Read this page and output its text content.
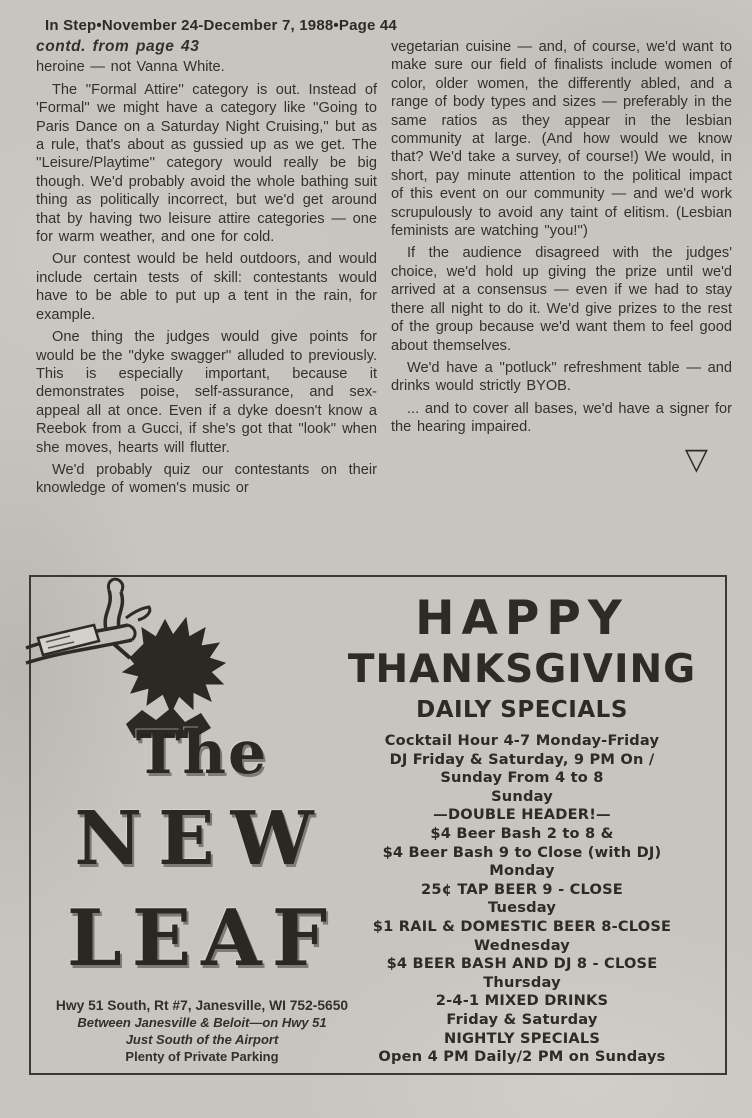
In Step•November 24-December 7, 1988•Page 44

contd. from page 43

heroine — not Vanna White.

The ''Formal Attire'' category is out. Instead of 'Formal'' we might have a category like ''Going to Paris Dance on a Saturday Night Cruising,'' but as a rule, that's about as gussied up as we get. The ''Leisure/Playtime'' category would really be big though. We'd probably avoid the whole bathing suit thing as politically incorrect, but we'd get around that by having two leisure attire categories — one for warm weather, and one for cold.

Our contest would be held outdoors, and would include certain tests of skill: contestants would have to be able to put up a tent in the rain, for example.

One thing the judges would give points for would be the ''dyke swagger'' alluded to previously. This is especially important, because it demonstrates poise, self-assurance, and sex-appeal all at once. Even if a dyke doesn't know a Reebok from a Gucci, if she's got that ''look'' when she moves, hearts will flutter.

We'd probably quiz our contestants on their knowledge of women's music or

vegetarian cuisine — and, of course, we'd want to make sure our field of finalists include women of color, older women, the differently abled, and a range of body types and sizes — preferably in the same ratios as they appear in the lesbian community at large. (And how would we know that? We'd take a survey, of course!) We would, in short, pay minute attention to the political impact of this event on our community — and we'd work scrupulously to avoid any taint of elitism. (Lesbian feminists are watching ''you!'')

If the audience disagreed with the judges' choice, we'd hold up giving the prize until we'd arrived at a consensus — even if we had to stay there all night to do it. We'd give prizes to the rest of the group because we'd want them to feel good about themselves.

We'd have a ''potluck'' refreshment table — and drinks would strictly BYOB.

... and to cover all bases, we'd have a signer for the hearing impaired.

▽
The
NEW
LEAF
Hwy 51 South, Rt #7, Janesville, WI 752-5650
Between Janesville & Beloit—on Hwy 51
Just South of the Airport
Plenty of Private Parking
HAPPY
THANKSGIVING
DAILY SPECIALS
Cocktail Hour 4-7 Monday-Friday
DJ Friday & Saturday, 9 PM On /
Sunday From 4 to 8
Sunday
—DOUBLE HEADER!—
$4 Beer Bash 2 to 8 &
$4 Beer Bash 9 to Close (with DJ)
Monday
25¢ TAP BEER 9 - CLOSE
Tuesday
$1 RAIL & DOMESTIC BEER 8-CLOSE
Wednesday
$4 BEER BASH AND DJ 8 - CLOSE
Thursday
2-4-1 MIXED DRINKS
Friday & Saturday
NIGHTLY SPECIALS
Open 4 PM Daily/2 PM on Sundays
